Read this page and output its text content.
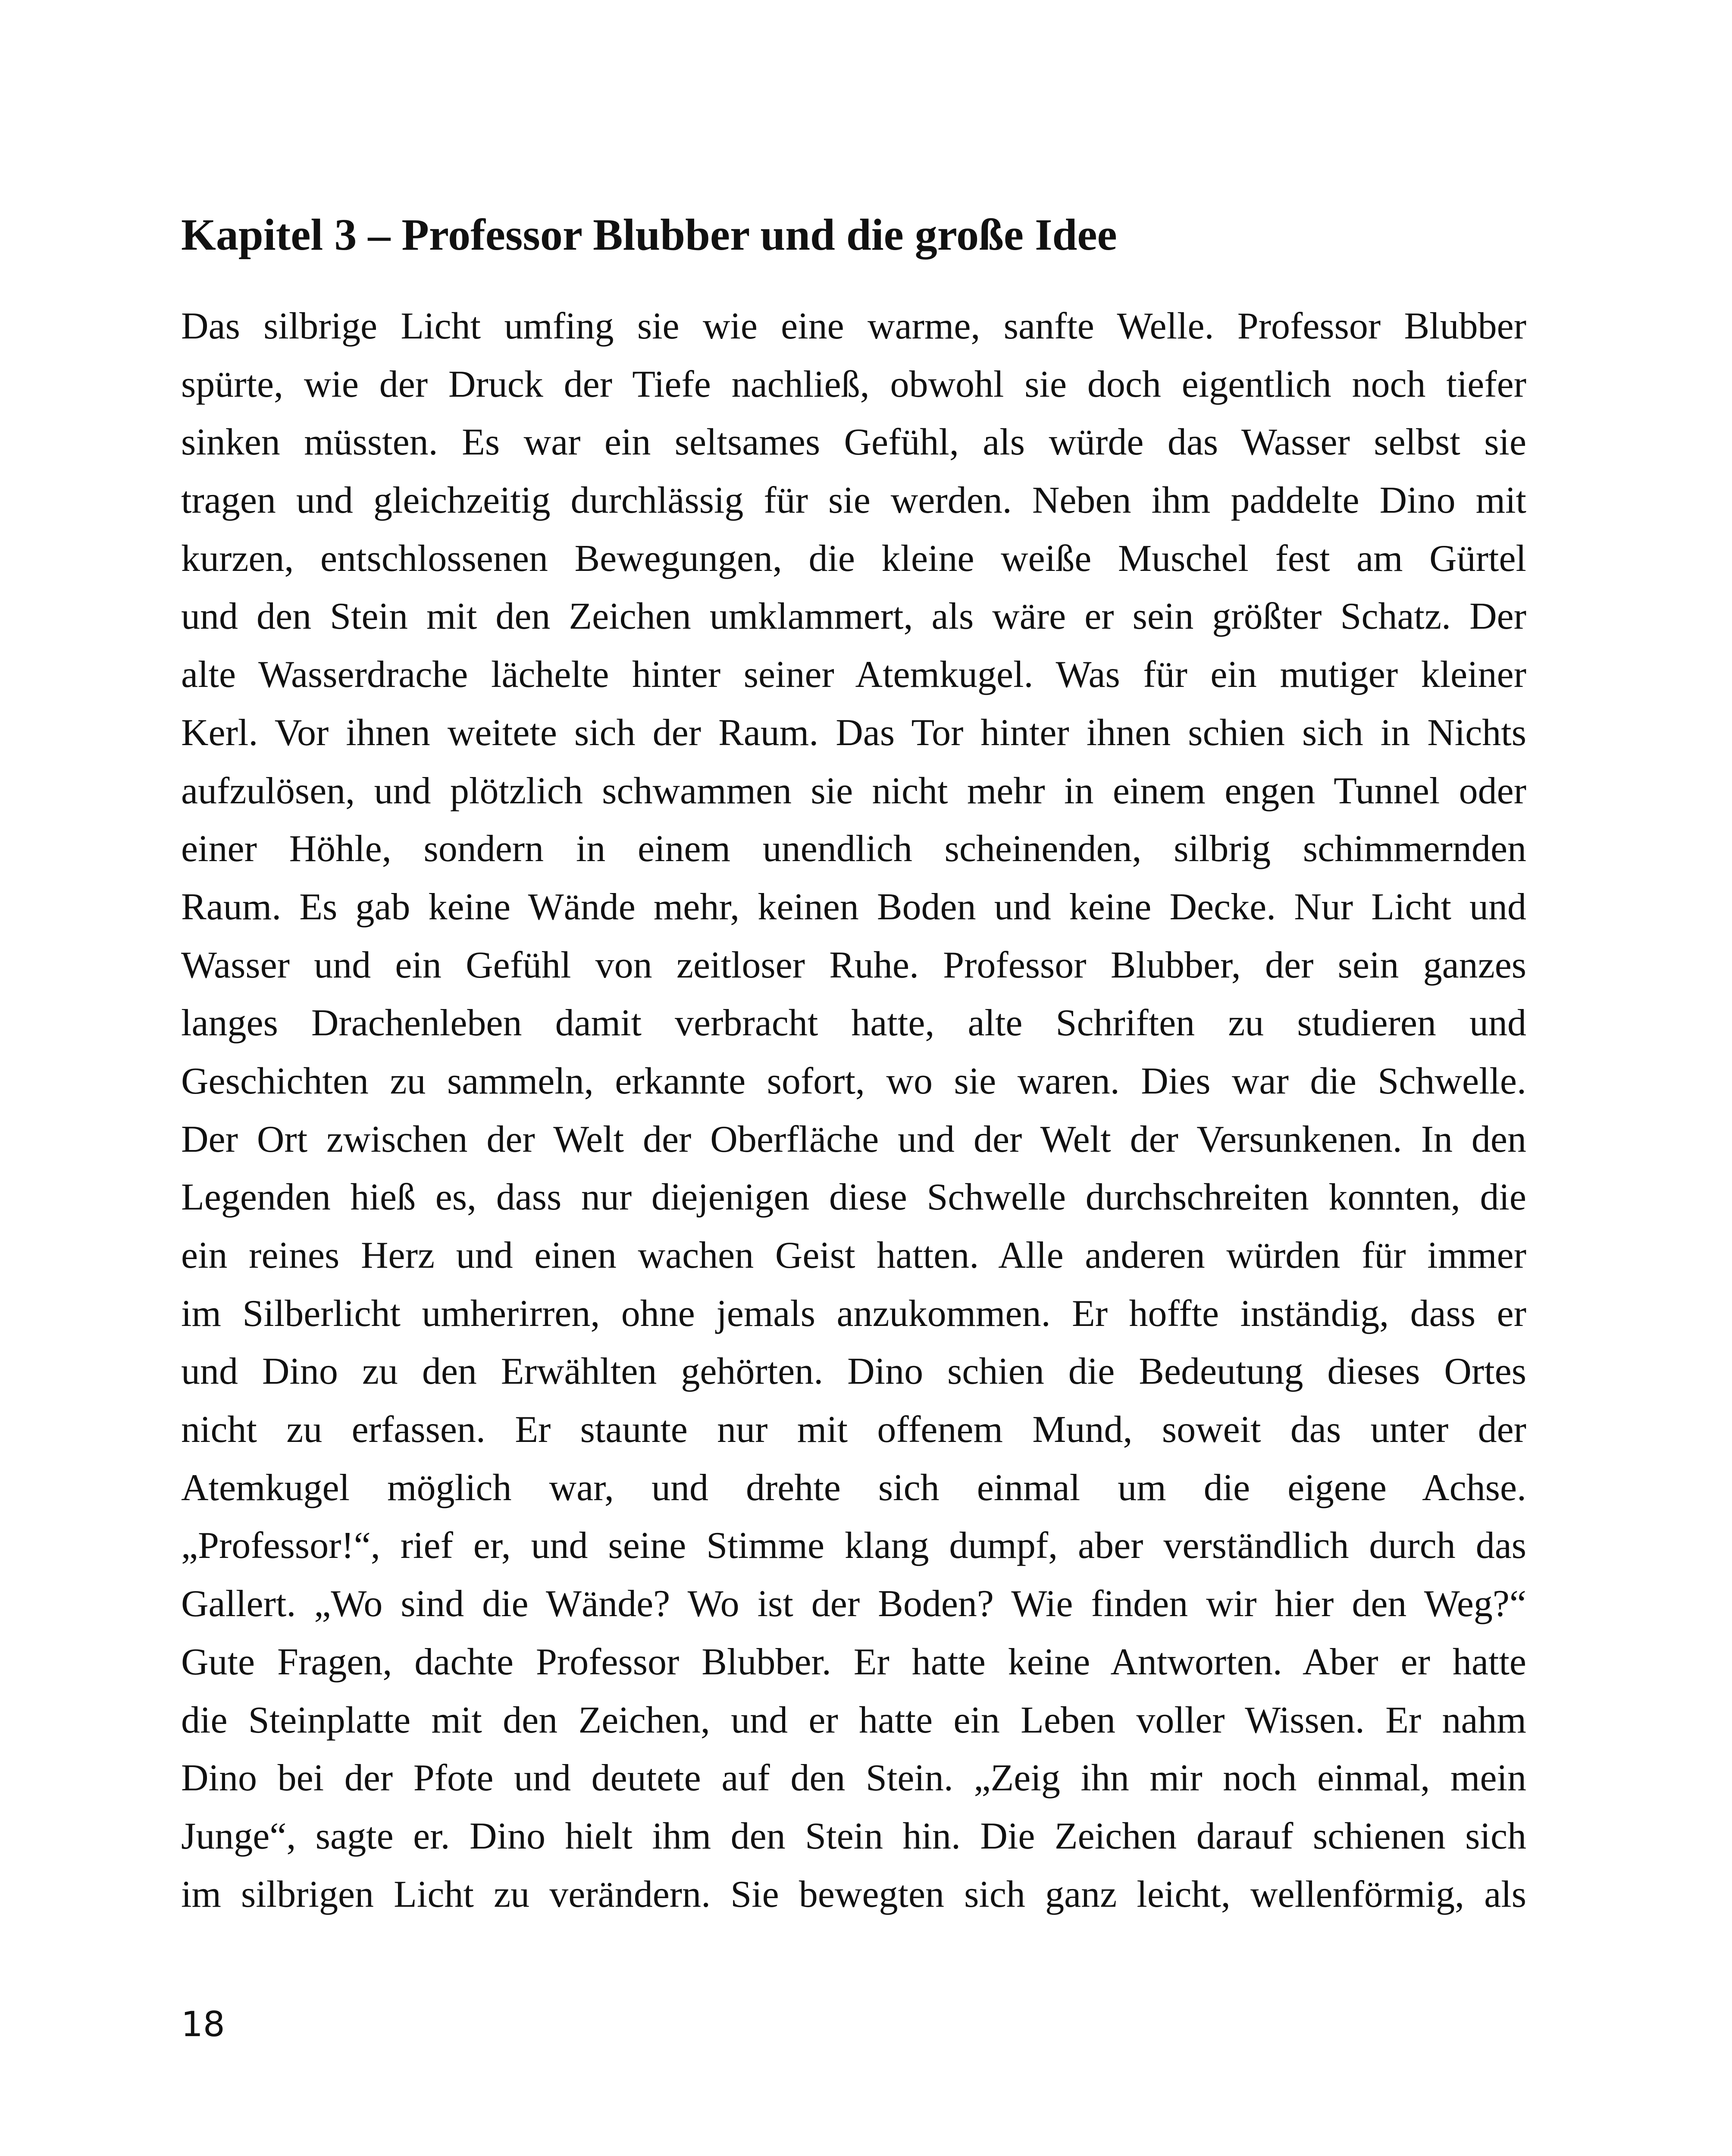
Kapitel 3 – Professor Blubber und die große Idee
Das silbrige Licht umfing sie wie eine warme, sanfte Welle. Professor Blubber
spürte, wie der Druck der Tiefe nachließ, obwohl sie doch eigentlich noch tiefer
sinken müssten. Es war ein seltsames Gefühl, als würde das Wasser selbst sie
tragen und gleichzeitig durchlässig für sie werden. Neben ihm paddelte Dino mit
kurzen, entschlossenen Bewegungen, die kleine weiße Muschel fest am Gürtel
und den Stein mit den Zeichen umklammert, als wäre er sein größter Schatz. Der
alte Wasserdrache lächelte hinter seiner Atemkugel. Was für ein mutiger kleiner
Kerl. Vor ihnen weitete sich der Raum. Das Tor hinter ihnen schien sich in Nichts
aufzulösen, und plötzlich schwammen sie nicht mehr in einem engen Tunnel oder
einer Höhle, sondern in einem unendlich scheinenden, silbrig schimmernden
Raum. Es gab keine Wände mehr, keinen Boden und keine Decke. Nur Licht und
Wasser und ein Gefühl von zeitloser Ruhe. Professor Blubber, der sein ganzes
langes Drachenleben damit verbracht hatte, alte Schriften zu studieren und
Geschichten zu sammeln, erkannte sofort, wo sie waren. Dies war die Schwelle.
Der Ort zwischen der Welt der Oberfläche und der Welt der Versunkenen. In den
Legenden hieß es, dass nur diejenigen diese Schwelle durchschreiten konnten, die
ein reines Herz und einen wachen Geist hatten. Alle anderen würden für immer
im Silberlicht umherirren, ohne jemals anzukommen. Er hoffte inständig, dass er
und Dino zu den Erwählten gehörten. Dino schien die Bedeutung dieses Ortes
nicht zu erfassen. Er staunte nur mit offenem Mund, soweit das unter der
Atemkugel möglich war, und drehte sich einmal um die eigene Achse.
„Professor!“, rief er, und seine Stimme klang dumpf, aber verständlich durch das
Gallert. „Wo sind die Wände? Wo ist der Boden? Wie finden wir hier den Weg?“
Gute Fragen, dachte Professor Blubber. Er hatte keine Antworten. Aber er hatte
die Steinplatte mit den Zeichen, und er hatte ein Leben voller Wissen. Er nahm
Dino bei der Pfote und deutete auf den Stein. „Zeig ihn mir noch einmal, mein
Junge“, sagte er. Dino hielt ihm den Stein hin. Die Zeichen darauf schienen sich
im silbrigen Licht zu verändern. Sie bewegten sich ganz leicht, wellenförmig, als

18
